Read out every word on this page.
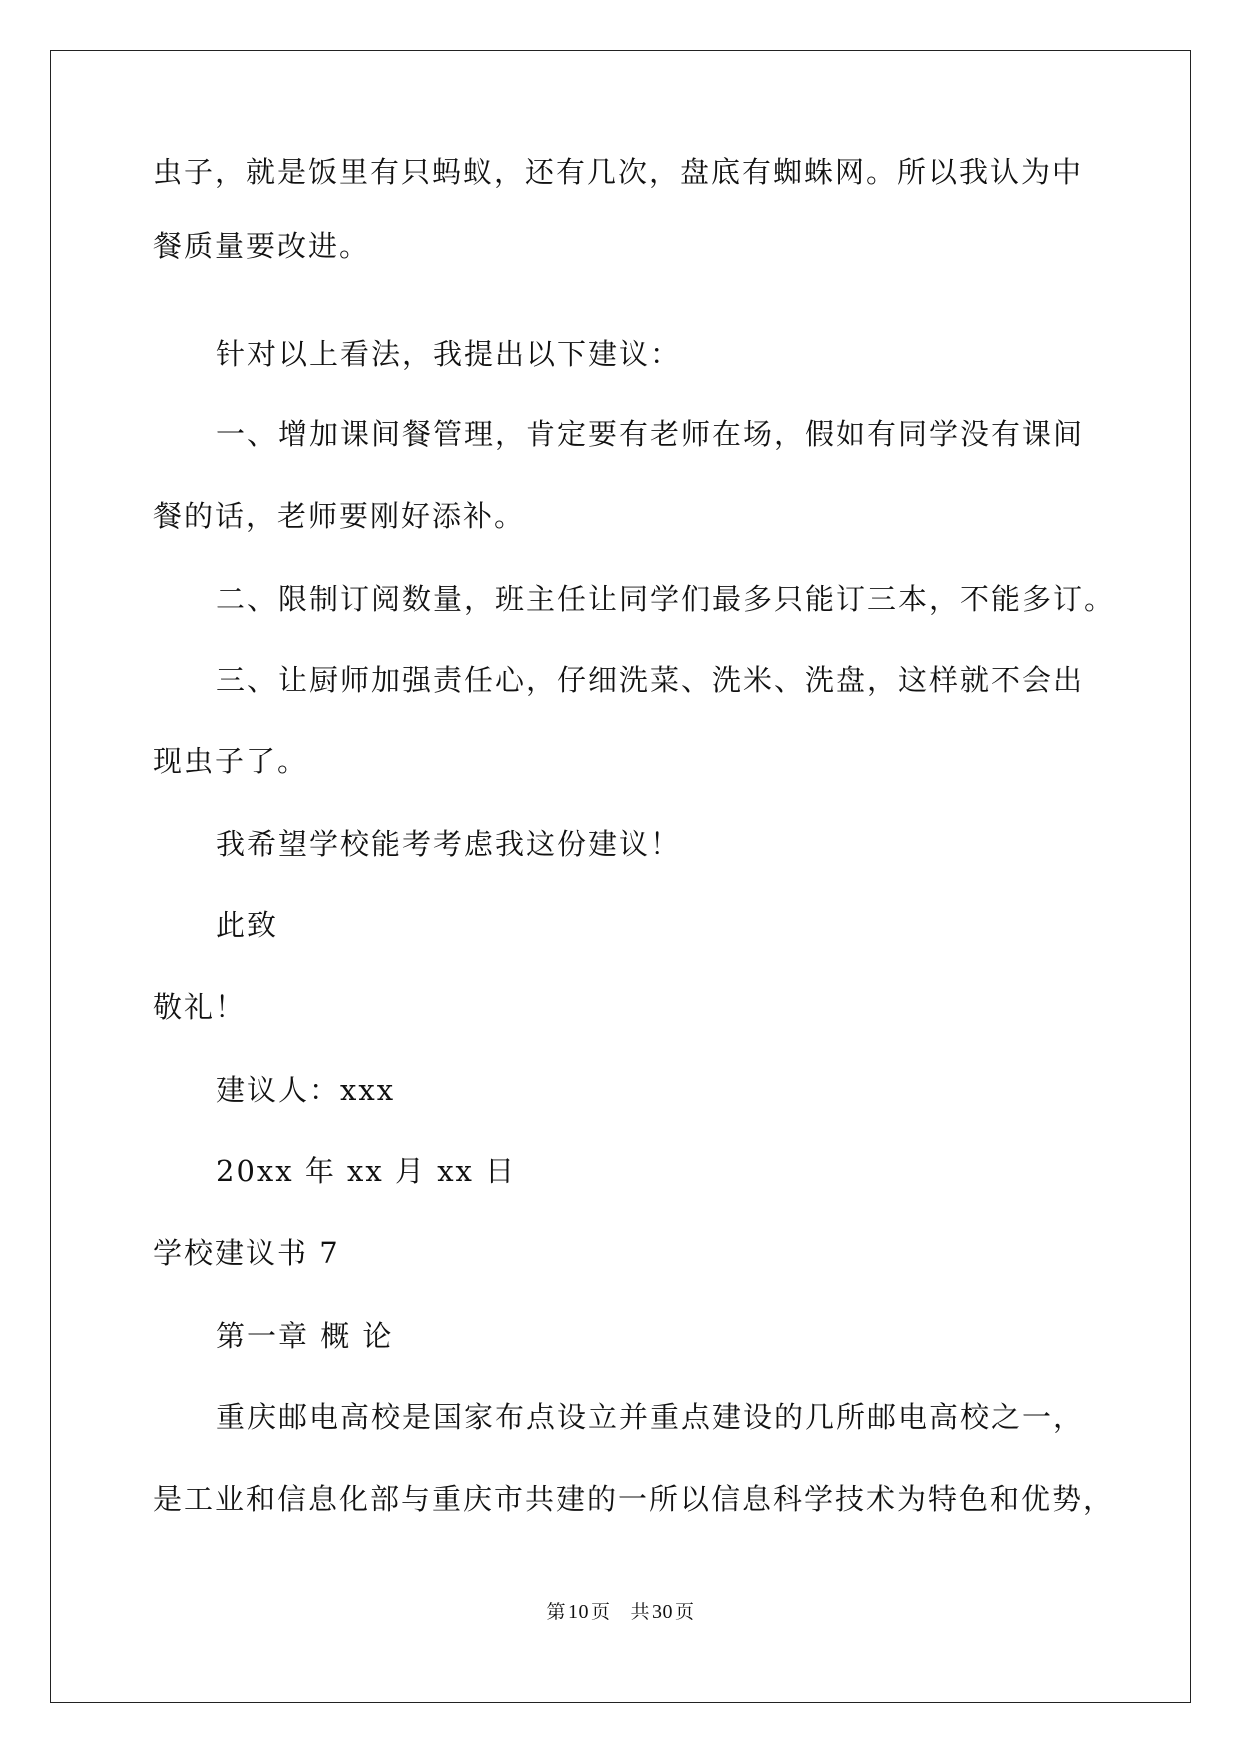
虫子，就是饭里有只蚂蚁，还有几次，盘底有蜘蛛网。所以我认为中
餐质量要改进。
针对以上看法，我提出以下建议：
一、增加课间餐管理，肯定要有老师在场，假如有同学没有课间
餐的话，老师要刚好添补。
二、限制订阅数量，班主任让同学们最多只能订三本，不能多订。
三、让厨师加强责任心，仔细洗菜、洗米、洗盘，这样就不会出
现虫子了。
我希望学校能考考虑我这份建议！
此致
敬礼！
建议人：xxx
20xx 年 xx 月 xx 日
学校建议书 7
第一章 概 论
重庆邮电高校是国家布点设立并重点建设的几所邮电高校之一，
是工业和信息化部与重庆市共建的一所以信息科学技术为特色和优势，
第 10 页 共 30 页
